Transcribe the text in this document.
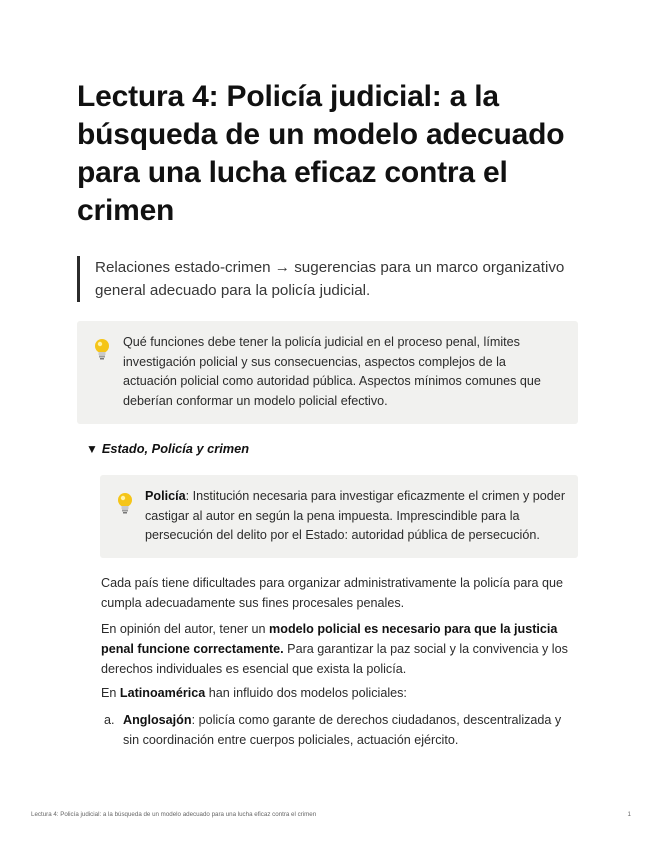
Lectura 4: Policía judicial: a la búsqueda de un modelo adecuado para una lucha eficaz contra el crimen
Relaciones estado-crimen → sugerencias para un marco organizativo general adecuado para la policía judicial.
Qué funciones debe tener la policía judicial en el proceso penal, límites investigación policial y sus consecuencias, aspectos complejos de la actuación policial como autoridad pública. Aspectos mínimos comunes que deberían conformar un modelo policial efectivo.
▼ Estado, Policía y crimen
Policía: Institución necesaria para investigar eficazmente el crimen y poder castigar al autor en según la pena impuesta. Imprescindible para la persecución del delito por el Estado: autoridad pública de persecución.

Cada país tiene dificultades para organizar administrativamente la policía para que cumpla adecuadamente sus fines procesales penales.

En opinión del autor, tener un modelo policial es necesario para que la justicia penal funcione correctamente. Para garantizar la paz social y la convivencia y los derechos individuales es esencial que exista la policía.

En Latinoamérica han influido dos modelos policiales:

a. Anglosajón: policía como garante de derechos ciudadanos, descentralizada y sin coordinación entre cuerpos policiales, actuación ejército.
Lectura 4: Policía judicial: a la búsqueda de un modelo adecuado para una lucha eficaz contra el crimen	1
